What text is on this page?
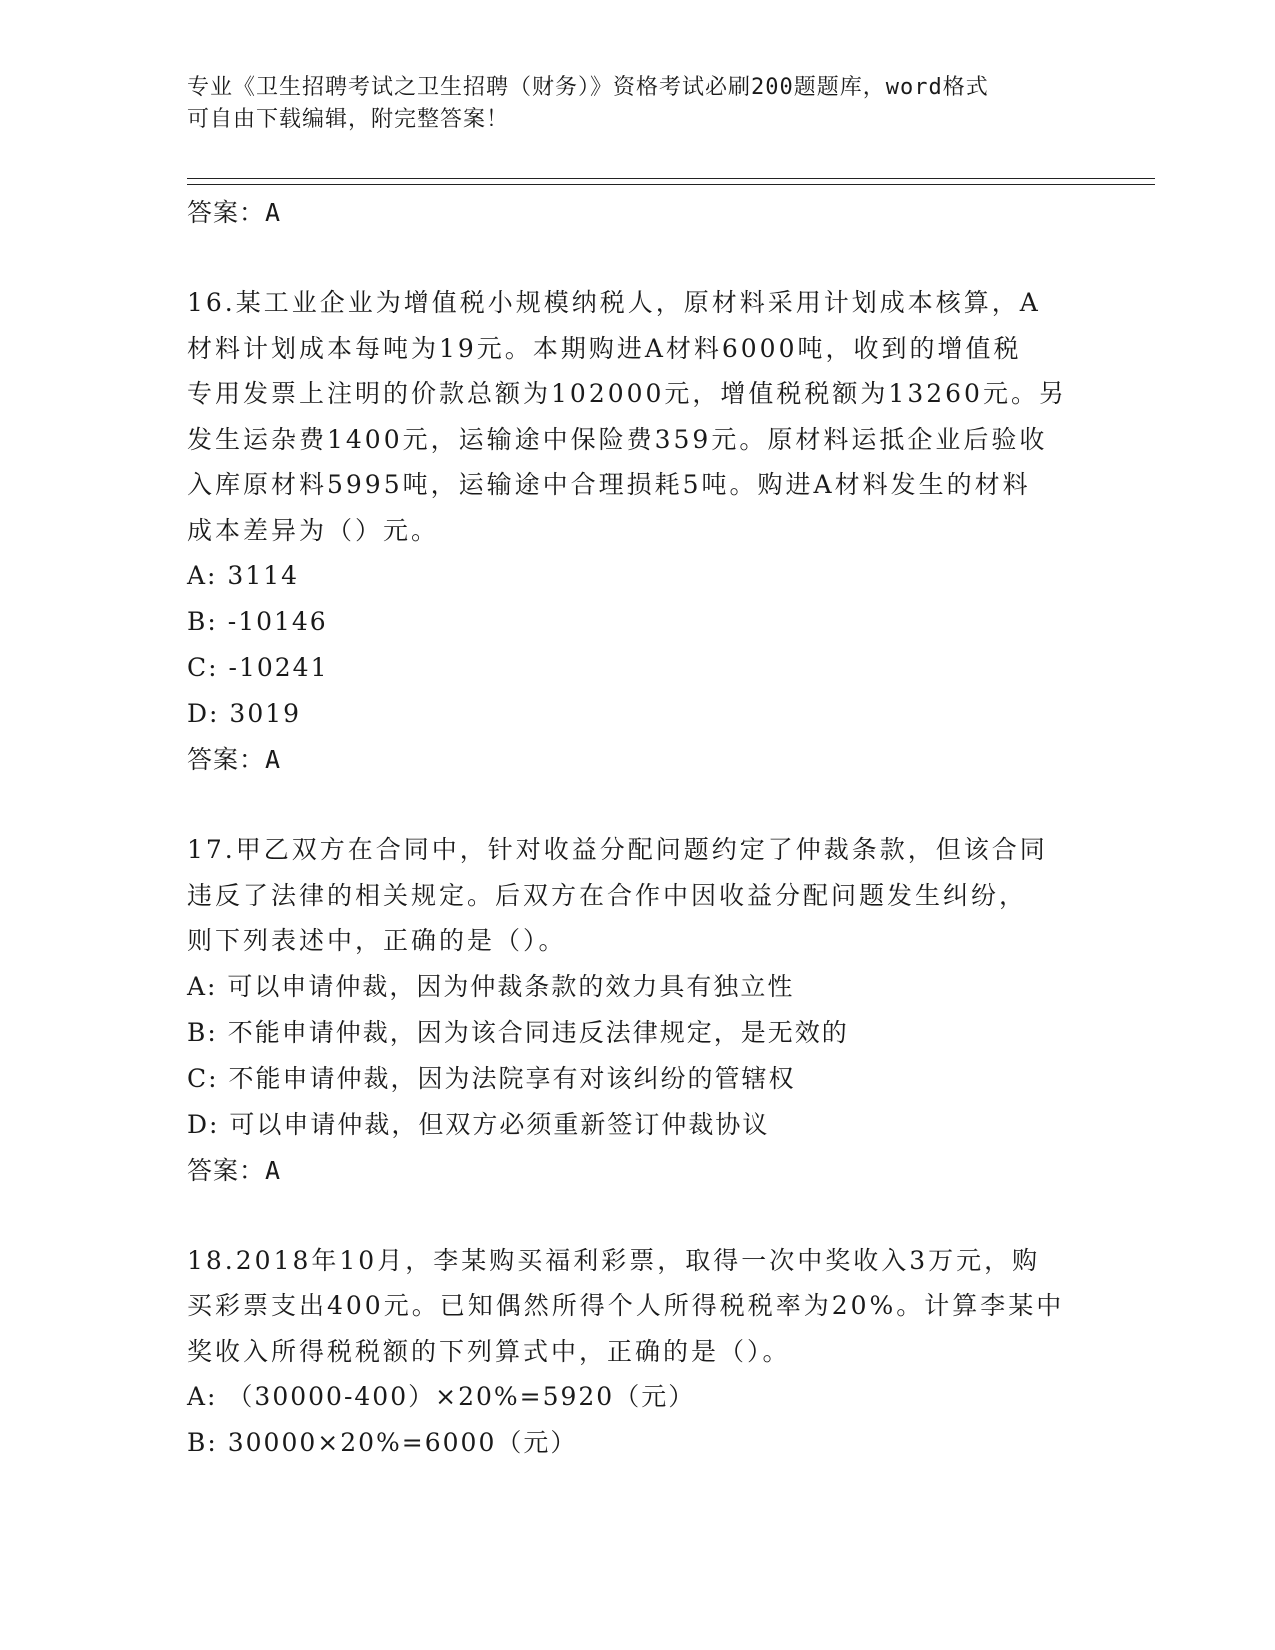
专业《卫生招聘考试之卫生招聘（财务）》资格考试必刷200题题库，word格式
可自由下载编辑，附完整答案！
答案：A
16.某工业企业为增值税小规模纳税人，原材料采用计划成本核算，A
材料计划成本每吨为19元。本期购进A材料6000吨，收到的增值税
专用发票上注明的价款总额为102000元，增值税税额为13260元。另
发生运杂费1400元，运输途中保险费359元。原材料运抵企业后验收
入库原材料5995吨，运输途中合理损耗5吨。购进A材料发生的材料
成本差异为（）元。
A: 3114
B: -10146
C: -10241
D: 3019
答案：A
17.甲乙双方在合同中，针对收益分配问题约定了仲裁条款，但该合同
违反了法律的相关规定。后双方在合作中因收益分配问题发生纠纷，
则下列表述中，正确的是（）。
A: 可以申请仲裁，因为仲裁条款的效力具有独立性
B: 不能申请仲裁，因为该合同违反法律规定，是无效的
C: 不能申请仲裁，因为法院享有对该纠纷的管辖权
D: 可以申请仲裁，但双方必须重新签订仲裁协议
答案：A
18.2018年10月，李某购买福利彩票，取得一次中奖收入3万元，购
买彩票支出400元。已知偶然所得个人所得税税率为20%。计算李某中
奖收入所得税税额的下列算式中，正确的是（）。
A: （30000-400）×20%=5920（元）
B: 30000×20%=6000（元）
